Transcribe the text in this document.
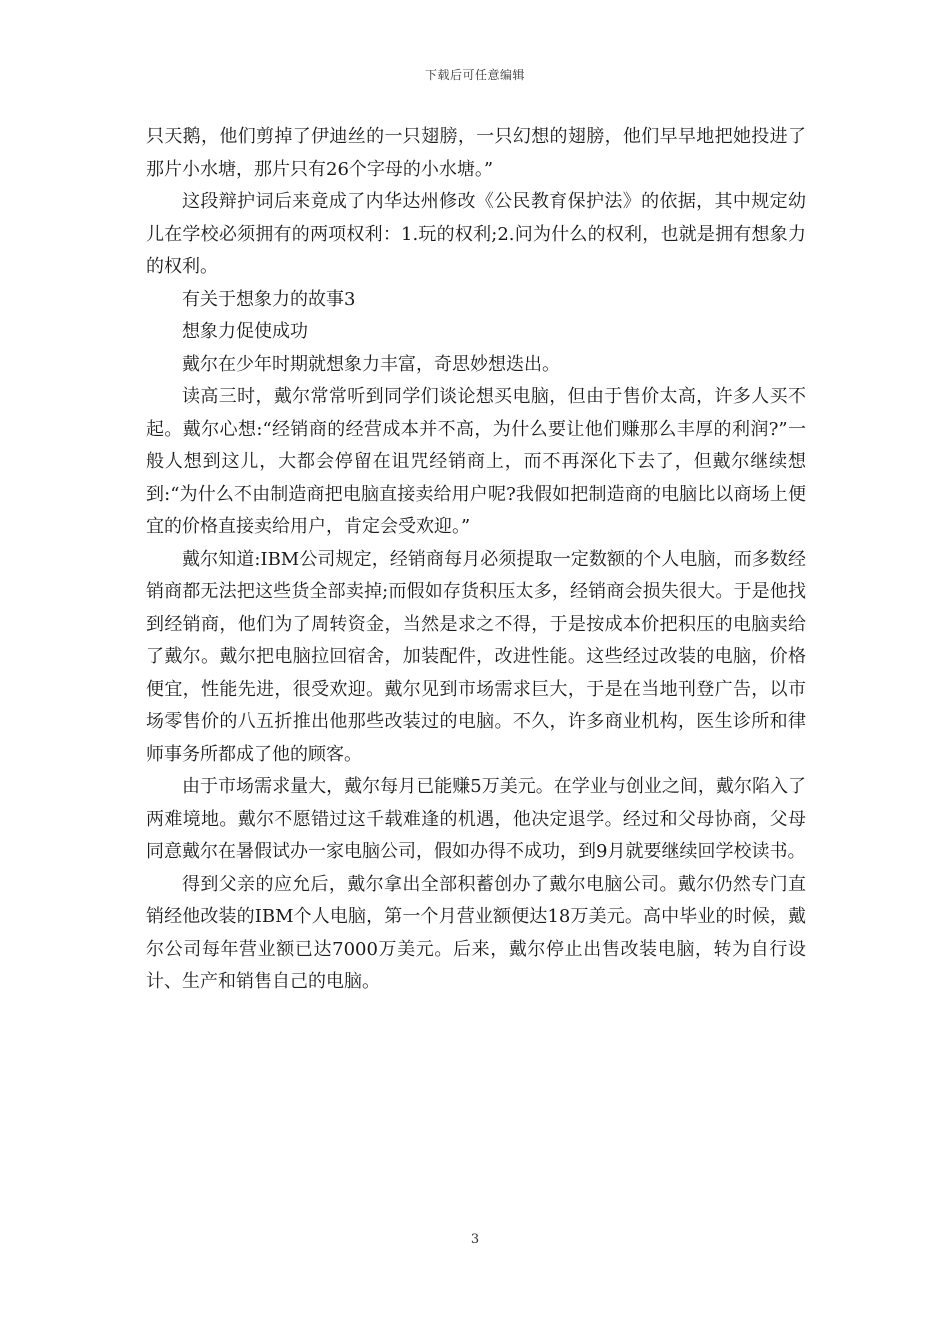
下载后可任意编辑

只天鹅，他们剪掉了伊迪丝的一只翅膀，一只幻想的翅膀，他们早早地把她投进了那片小水塘，那片只有26个字母的小水塘。”

这段辩护词后来竟成了内华达州修改《公民教育保护法》的依据，其中规定幼儿在学校必须拥有的两项权利：1.玩的权利;2.问为什么的权利，也就是拥有想象力的权利。

有关于想象力的故事3

想象力促使成功

戴尔在少年时期就想象力丰富，奇思妙想迭出。

读高三时，戴尔常常听到同学们谈论想买电脑，但由于售价太高，许多人买不起。戴尔心想:“经销商的经营成本并不高，为什么要让他们赚那么丰厚的利润?”一般人想到这儿，大都会停留在诅咒经销商上，而不再深化下去了，但戴尔继续想到:“为什么不由制造商把电脑直接卖给用户呢?我假如把制造商的电脑比以商场上便宜的价格直接卖给用户，肯定会受欢迎。”

戴尔知道:IBM公司规定，经销商每月必须提取一定数额的个人电脑，而多数经销商都无法把这些货全部卖掉;而假如存货积压太多，经销商会损失很大。于是他找到经销商，他们为了周转资金，当然是求之不得，于是按成本价把积压的电脑卖给了戴尔。戴尔把电脑拉回宿舍，加装配件，改进性能。这些经过改装的电脑，价格便宜，性能先进，很受欢迎。戴尔见到市场需求巨大，于是在当地刊登广告，以市场零售价的八五折推出他那些改装过的电脑。不久，许多商业机构，医生诊所和律师事务所都成了他的顾客。

由于市场需求量大，戴尔每月已能赚5万美元。在学业与创业之间，戴尔陷入了两难境地。戴尔不愿错过这千载难逢的机遇，他决定退学。经过和父母协商，父母同意戴尔在暑假试办一家电脑公司，假如办得不成功，到9月就要继续回学校读书。

得到父亲的应允后，戴尔拿出全部积蓄创办了戴尔电脑公司。戴尔仍然专门直销经他改装的IBM个人电脑，第一个月营业额便达18万美元。高中毕业的时候，戴尔公司每年营业额已达7000万美元。后来，戴尔停止出售改装电脑，转为自行设计、生产和销售自己的电脑。

3
